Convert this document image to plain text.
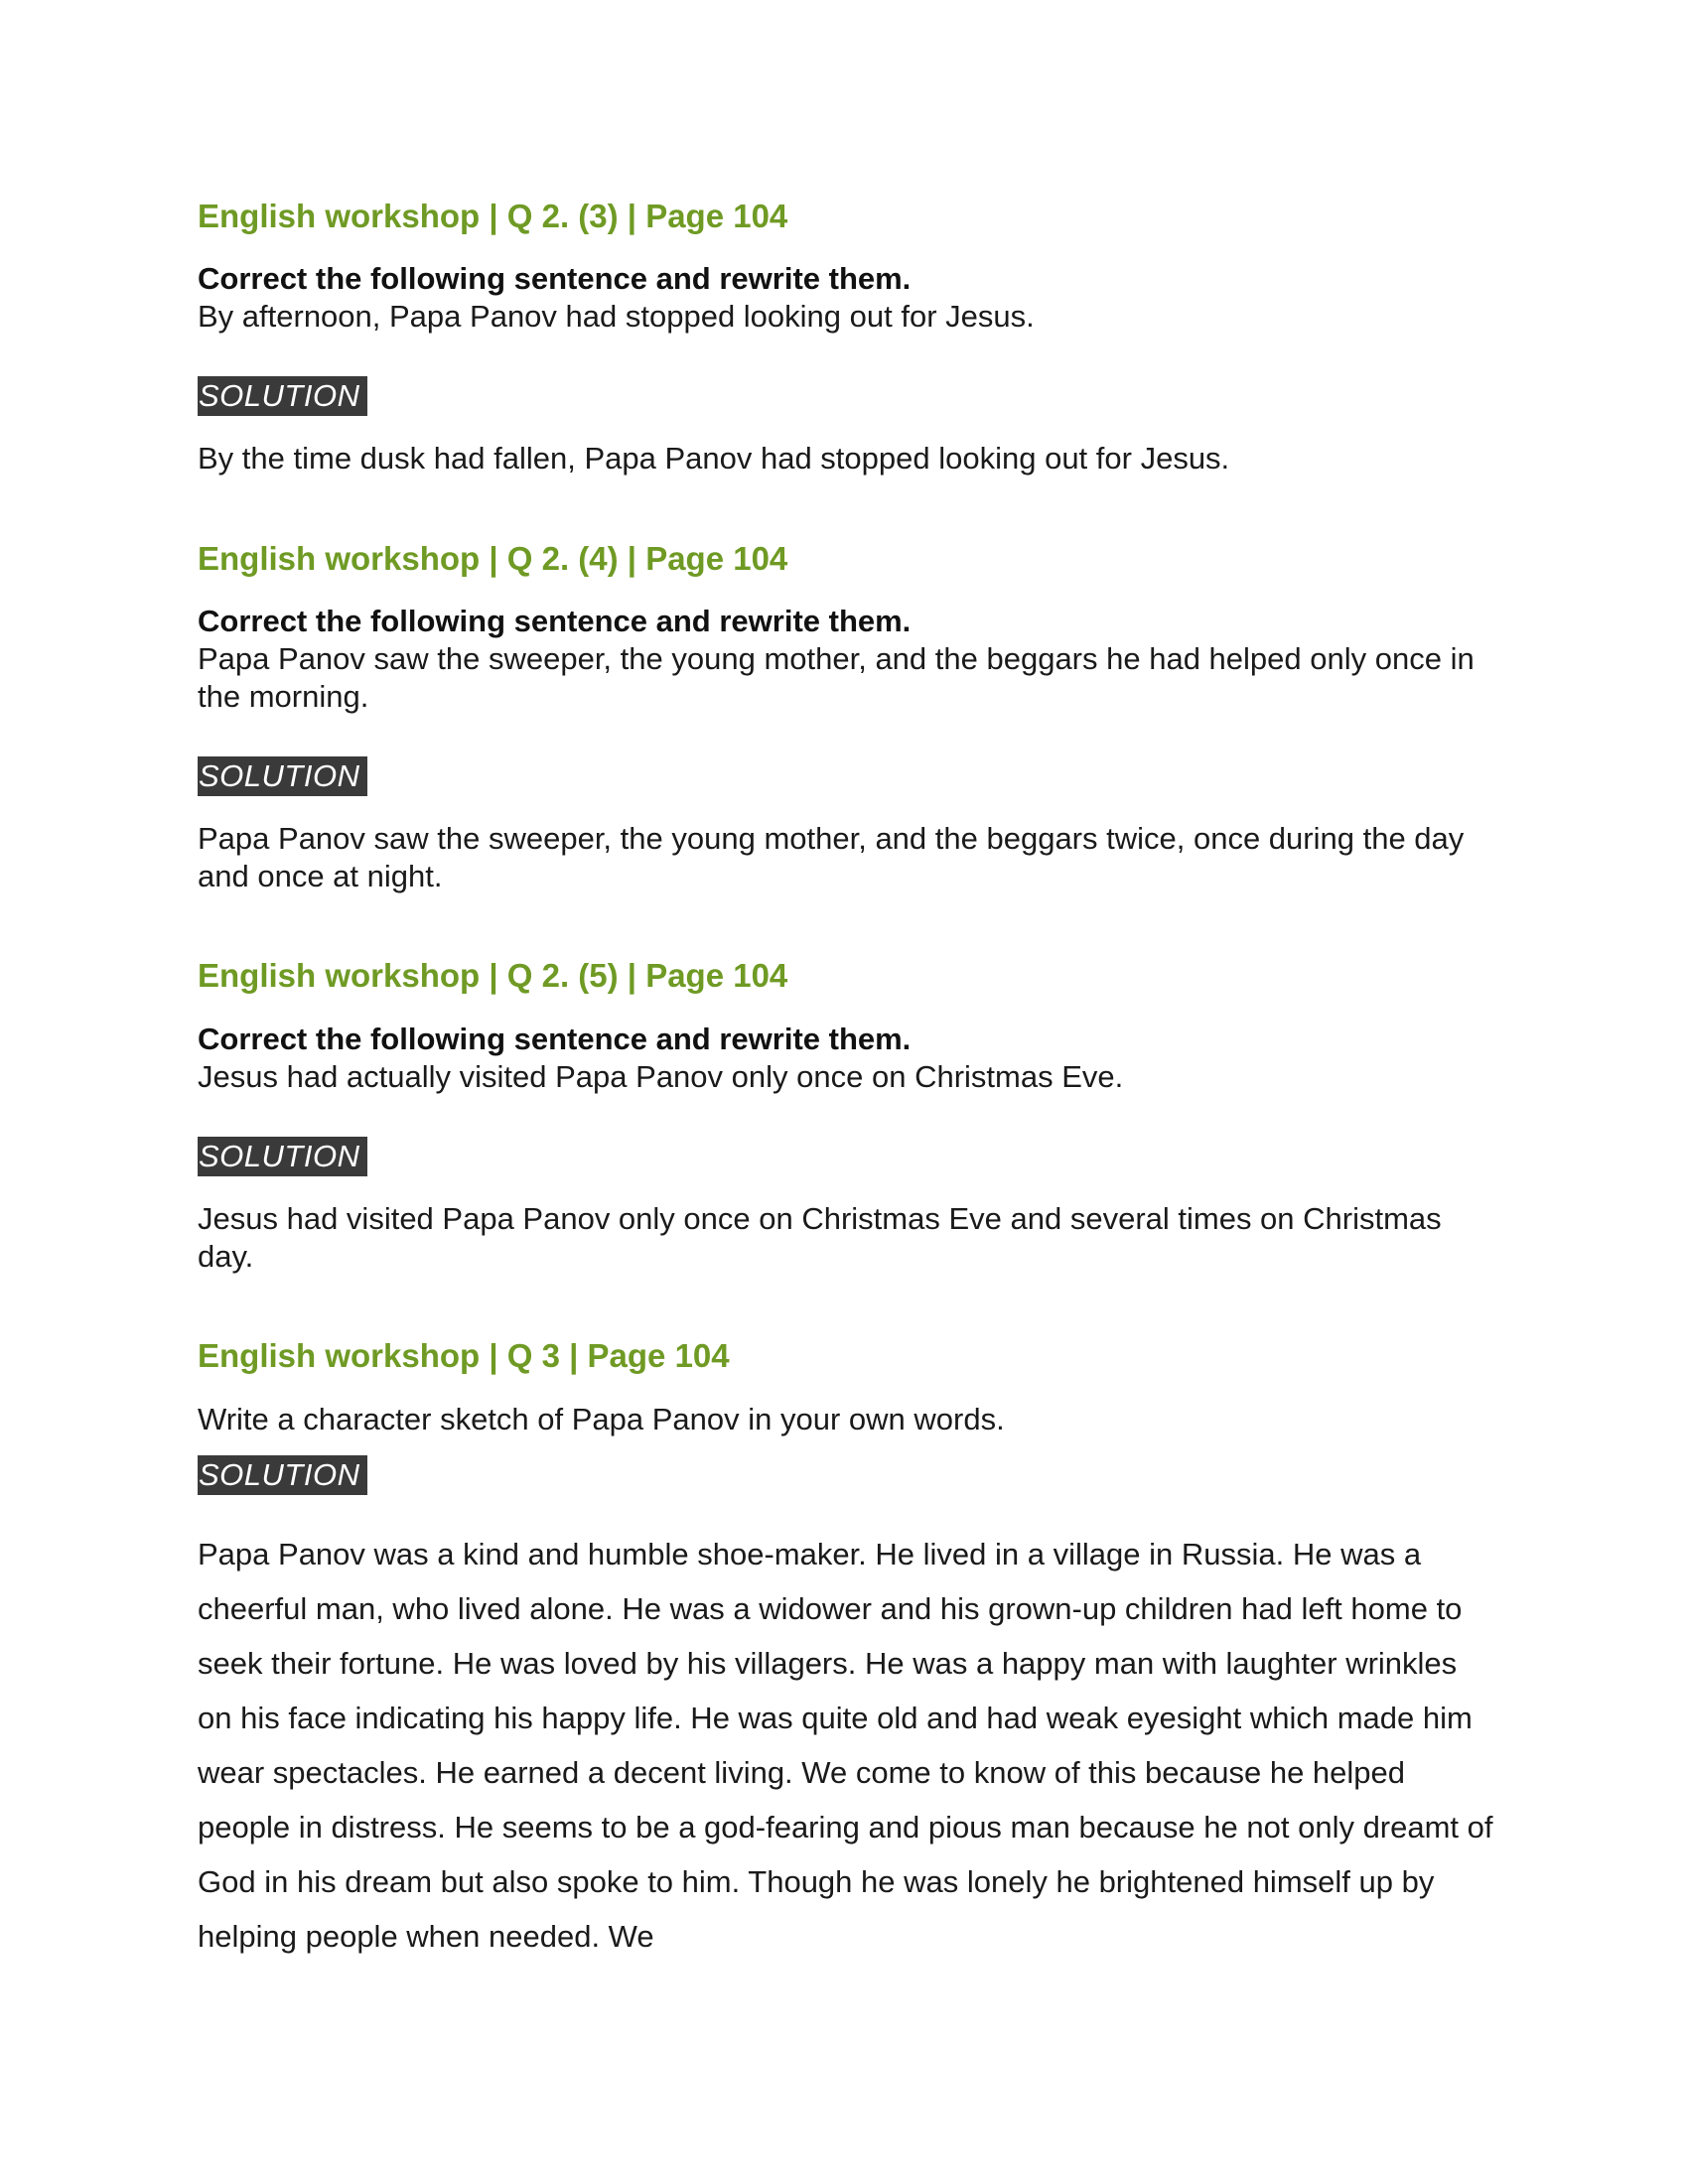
English workshop | Q 2. (3) | Page 104

Correct the following sentence and rewrite them.

By afternoon, Papa Panov had stopped looking out for Jesus.

SOLUTION

By the time dusk had fallen, Papa Panov had stopped looking out for Jesus.

English workshop | Q 2. (4) | Page 104

Correct the following sentence and rewrite them.

Papa Panov saw the sweeper, the young mother, and the beggars he had helped only once in the morning.

SOLUTION

Papa Panov saw the sweeper, the young mother, and the beggars twice, once during the day and once at night.

English workshop | Q 2. (5) | Page 104

Correct the following sentence and rewrite them.

Jesus had actually visited Papa Panov only once on Christmas Eve.

SOLUTION

Jesus had visited Papa Panov only once on Christmas Eve and several times on Christmas day.

English workshop | Q 3 | Page 104

Write a character sketch of Papa Panov in your own words.

SOLUTION

Papa Panov was a kind and humble shoe-maker. He lived in a village in Russia. He was a cheerful man, who lived alone. He was a widower and his grown-up children had left home to seek their fortune. He was loved by his villagers. He was a happy man with laughter wrinkles on his face indicating his happy life. He was quite old and had weak eyesight which made him wear spectacles. He earned a decent living. We come to know of this because he helped people in distress. He seems to be a god-fearing and pious man because he not only dreamt of God in his dream but also spoke to him. Though he was lonely he brightened himself up by helping people when needed. We
